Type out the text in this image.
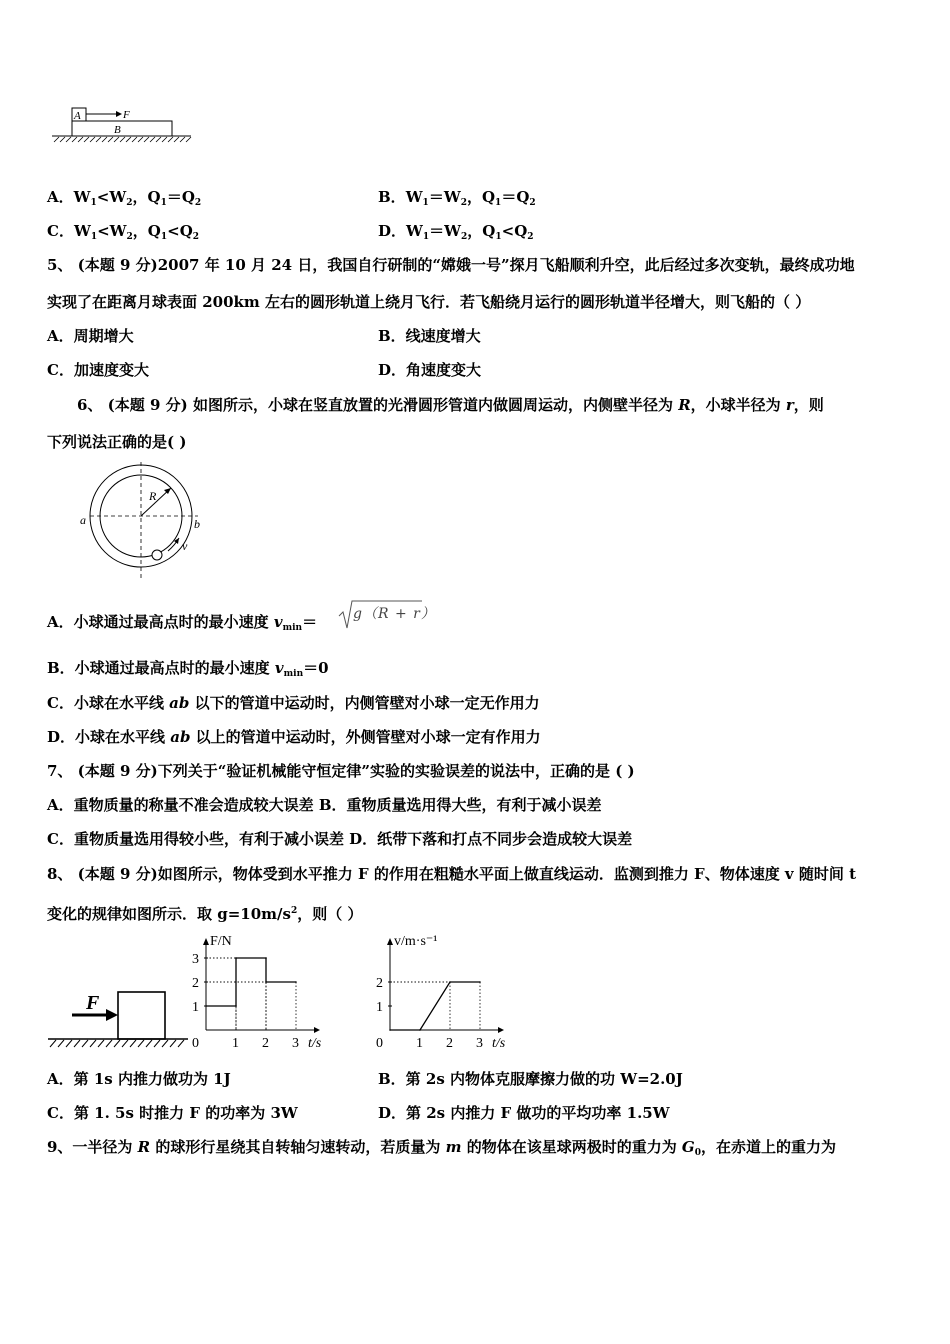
A	F
B
A．$W_1<W_2$，$Q_1=Q_2$	B．$W_1=W_2$，$Q_1=Q_2$
C．$W_1<W_2$，$Q_1<Q_2$	D．$W_1=W_2$，$Q_1<Q_2$
5、 (本题 9 分)2007 年 10 月 24 日，我国自行研制的“嫦娥一号”探月飞船顺利升空，此后经过多次变轨，最终成功地
实现了在距离月球表面 200km 左右的圆形轨道上绕月飞行．若飞船绕月运行的圆形轨道半径增大，则飞船的（ ）
A．周期增大	B．线速度增大
C．加速度变大	D．角速度变大
6、 (本题 9 分) 如图所示，小球在竖直放置的光滑圆形管道内做圆周运动，内侧壁半径为 R，小球半径为 r，则
下列说法正确的是( )
R
a	b
v
A．小球通过最高点时的最小速度 $v_{min}=$	g（R + r）
B．小球通过最高点时的最小速度 $v_{min}=0$
C．小球在水平线 ab 以下的管道中运动时，内侧管壁对小球一定无作用力
D．小球在水平线 ab 以上的管道中运动时，外侧管壁对小球一定有作用力
7、 (本题 9 分)下列关于“验证机械能守恒定律”实验的实验误差的说法中，正确的是 ( )
A．重物质量的称量不准会造成较大误差 B．重物质量选用得大些，有利于减小误差
C．重物质量选用得较小些，有利于减小误差 D．纸带下落和打点不同步会造成较大误差
8、 (本题 9 分)如图所示，物体受到水平推力 F 的作用在粗糙水平面上做直线运动．监测到推力 F、物体速度 v 随时间 t
变化的规律如图所示．取 $g=10m/s^2$，则（ ）
F
F/N
t/s
0 1 2 3
1
2
3
v/m·s⁻¹
t/s
0 1 2 3
1
2
A．第 1s 内推力做功为 1J	B．第 2s 内物体克服摩擦力做的功 W=2.0J
C．第 1. 5s 时推力 F 的功率为 3W	D．第 2s 内推力 F 做功的平均功率 1.5W
9、一半径为 R 的球形行星绕其自转轴匀速转动，若质量为 m 的物体在该星球两极时的重力为 $G_0$，在赤道上的重力为
